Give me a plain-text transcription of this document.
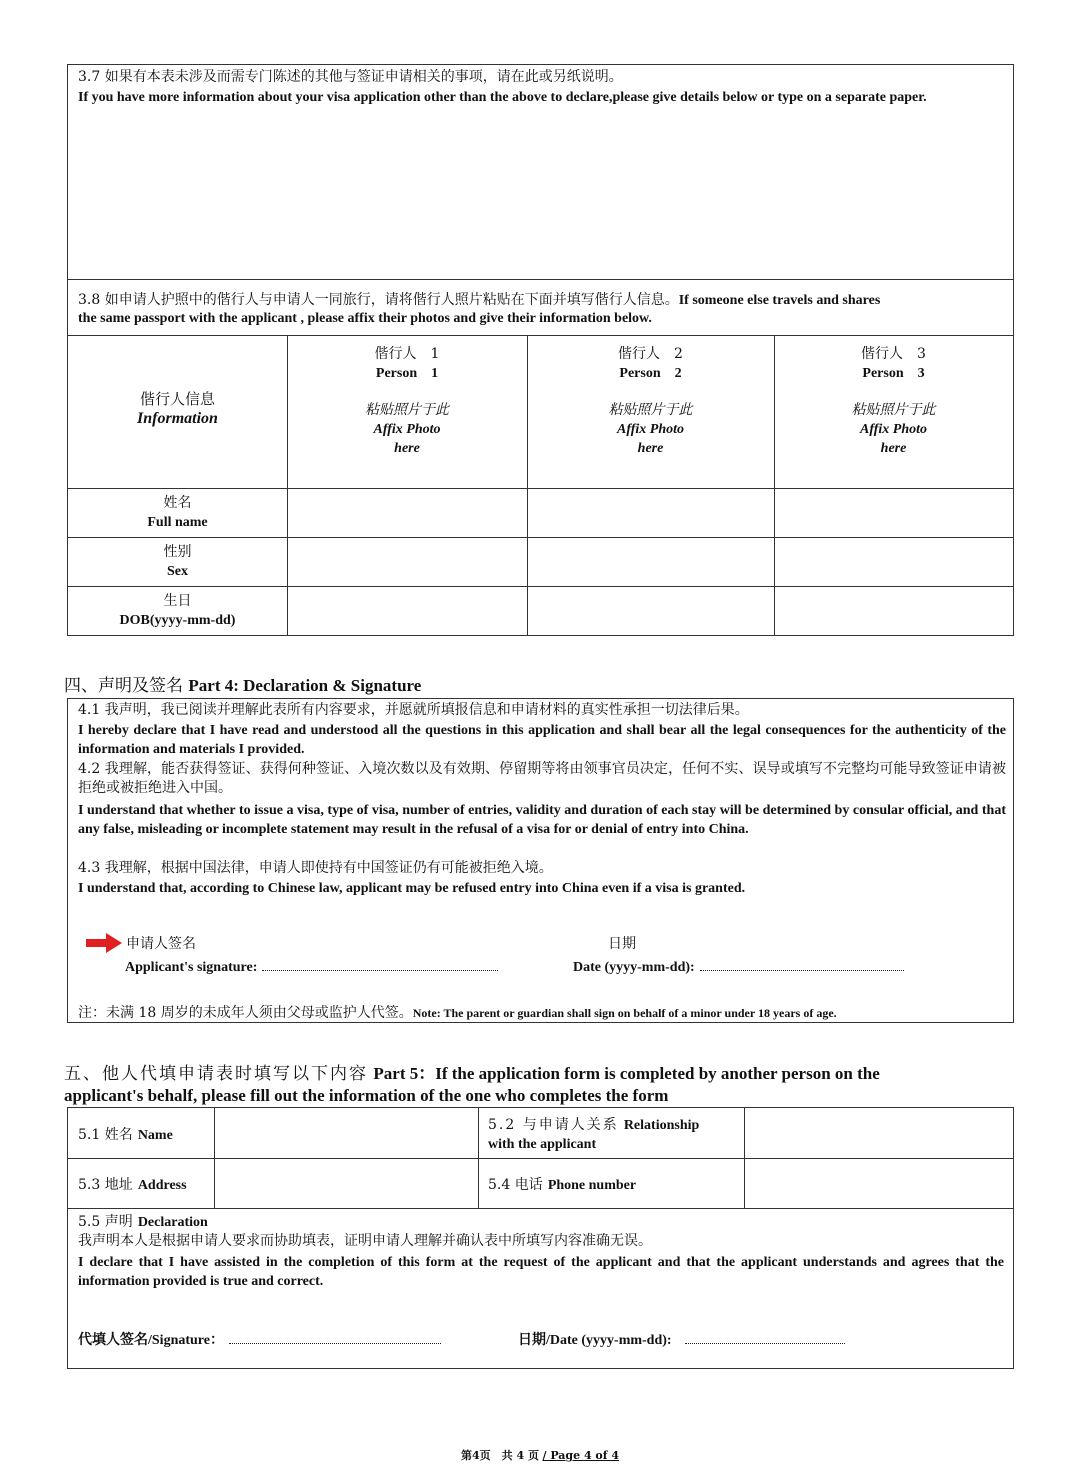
3.7 如果有本表未涉及而需专门陈述的其他与签证申请相关的事项，请在此或另纸说明。
If you have more information about your visa application other than the above to declare,please give details below or type on a separate paper.
3.8 如申请人护照中的偕行人与申请人一同旅行，请将偕行人照片粘贴在下面并填写偕行人信息。If someone else travels and shares
the same passport with the applicant , please affix their photos and give their information below.
偕行人信息
Information
偕行人　1
Person　1
粘贴照片于此
Affix Photo
here
偕行人　2
Person　2
粘贴照片于此
Affix Photo
here
偕行人　3
Person　3
粘贴照片于此
Affix Photo
here
姓名
Full name
性别
Sex
生日
DOB(yyyy-mm-dd)
四、声明及签名 Part 4: Declaration & Signature
4.1 我声明，我已阅读并理解此表所有内容要求，并愿就所填报信息和申请材料的真实性承担一切法律后果。
I hereby declare that I have read and understood all the questions in this application and shall bear all the legal consequences for the authenticity of the information and materials I provided.
4.2 我理解，能否获得签证、获得何种签证、入境次数以及有效期、停留期等将由领事官员决定，任何不实、误导或填写不完整均可能导致签证申请被拒绝或被拒绝进入中国。
I understand that whether to issue a visa, type of visa, number of entries, validity and duration of each stay will be determined by consular official, and that any false, misleading or incomplete statement may result in the refusal of a visa for or denial of entry into China.
4.3 我理解，根据中国法律，申请人即使持有中国签证仍有可能被拒绝入境。
I understand that, according to Chinese law, applicant may be refused entry into China even if a visa is granted.
申请人签名
Applicant's signature:
日期
Date (yyyy-mm-dd):
注：未满 18 周岁的未成年人须由父母或监护人代签。Note: The parent or guardian shall sign on behalf of a minor under 18 years of age.
五、他人代填申请表时填写以下内容 Part 5：If the application form is completed by another person on the
applicant's behalf, please fill out the information of the one who completes the form
5.1 姓名 Name
5.2 与申请人关系 Relationship
with the applicant
5.3 地址 Address	5.4 电话 Phone number
5.5 声明 Declaration
我声明本人是根据申请人要求而协助填表，证明申请人理解并确认表中所填写内容准确无误。
I declare that I have assisted in the completion of this form at the request of the applicant and that the applicant understands and agrees that the information provided is true and correct.
代填人签名/Signature：	日期/Date (yyyy-mm-dd):
第4页　共 4 页 / Page 4 of 4
